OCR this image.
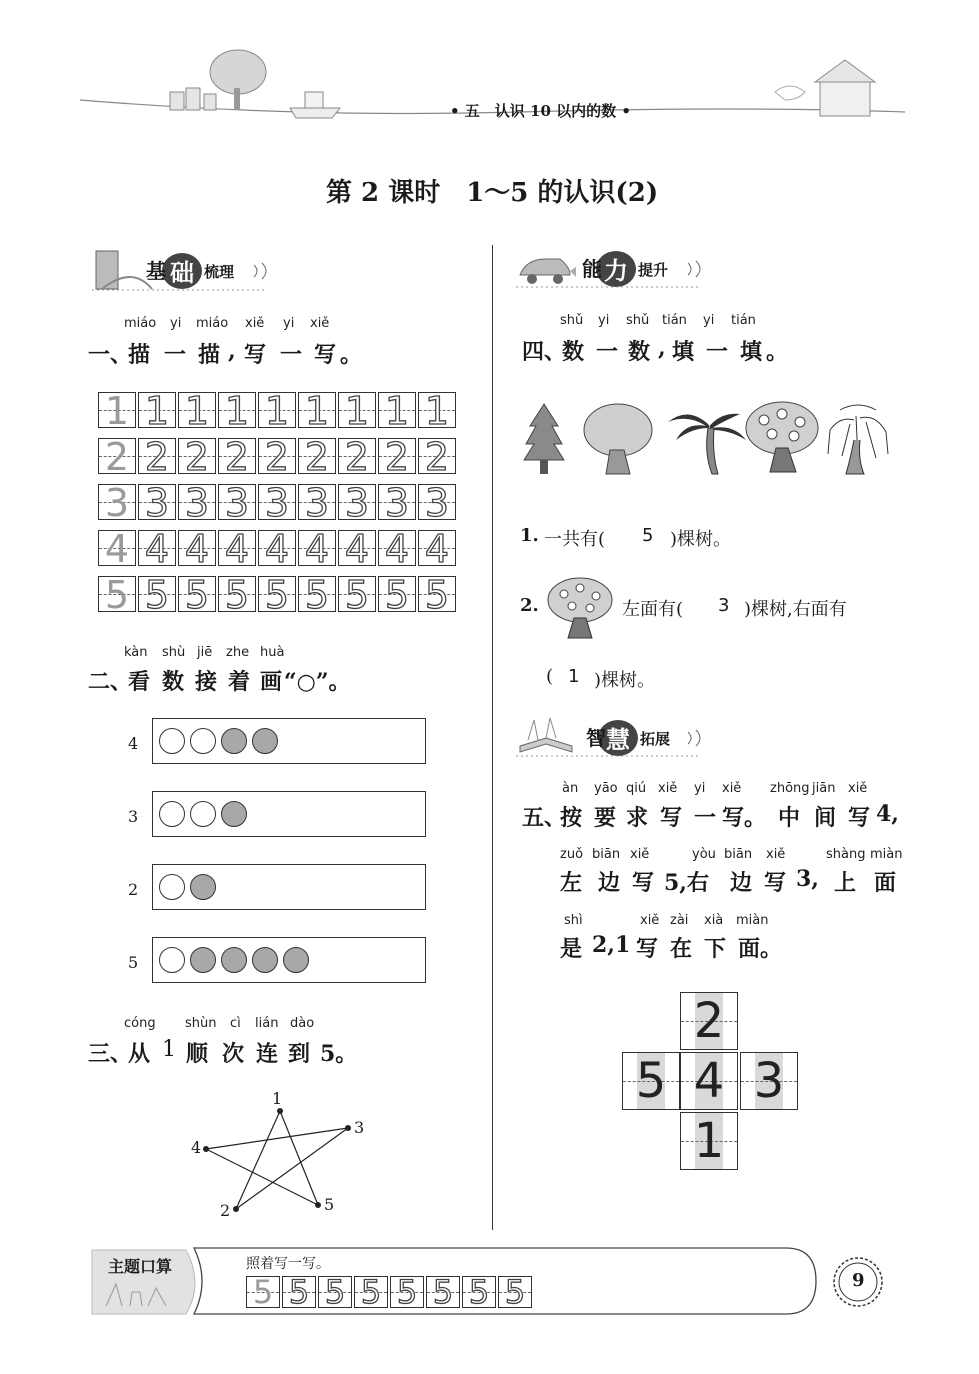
• 五　认识 10 以内的数 •
第 2 课时　1～5 的认识(2)
基 础 梳理
miáo yi miáo xiě yi xiě
一、
描 一 描 , 写 一 写 。
1 1 1 1 1 1 1 1 1
2 2 2 2 2 2 2 2 2
3 3 3 3 3 3 3 3 3
4 4 4 4 4 4 4 4 4
5 5 5 5 5 5 5 5 5
kàn shù jiē zhe huà
二、
看 数 接 着 画 “○”。
4
3
2
5
cóng shùn cì lián dào
三、
从 1 顺 次 连 到 5。
1
2
3
4
5
能 力 提升
shǔ yi shǔ tián yi tián
四、
数 一 数 , 填 一 填 。
1. 一共有( 5 )棵树。
2.	左面有( 3 )棵树,右面有
( 1 )棵树。
智 慧 拓展
àn yāo qiú xiě yi xiě zhōng jiān xiě
五、
按 要 求 写 一 写。 中 间 写 4,
zuǒ biān xiě	yòu biān xiě	shàng miàn
左 边 写 5,右 边 写 3, 上 面
shì	xiě zài xià miàn
是 2,1 写 在 下 面。
2
5 4 3
1
主题口算	照着写一写。
5 5 5 5 5 5 5 5	9
